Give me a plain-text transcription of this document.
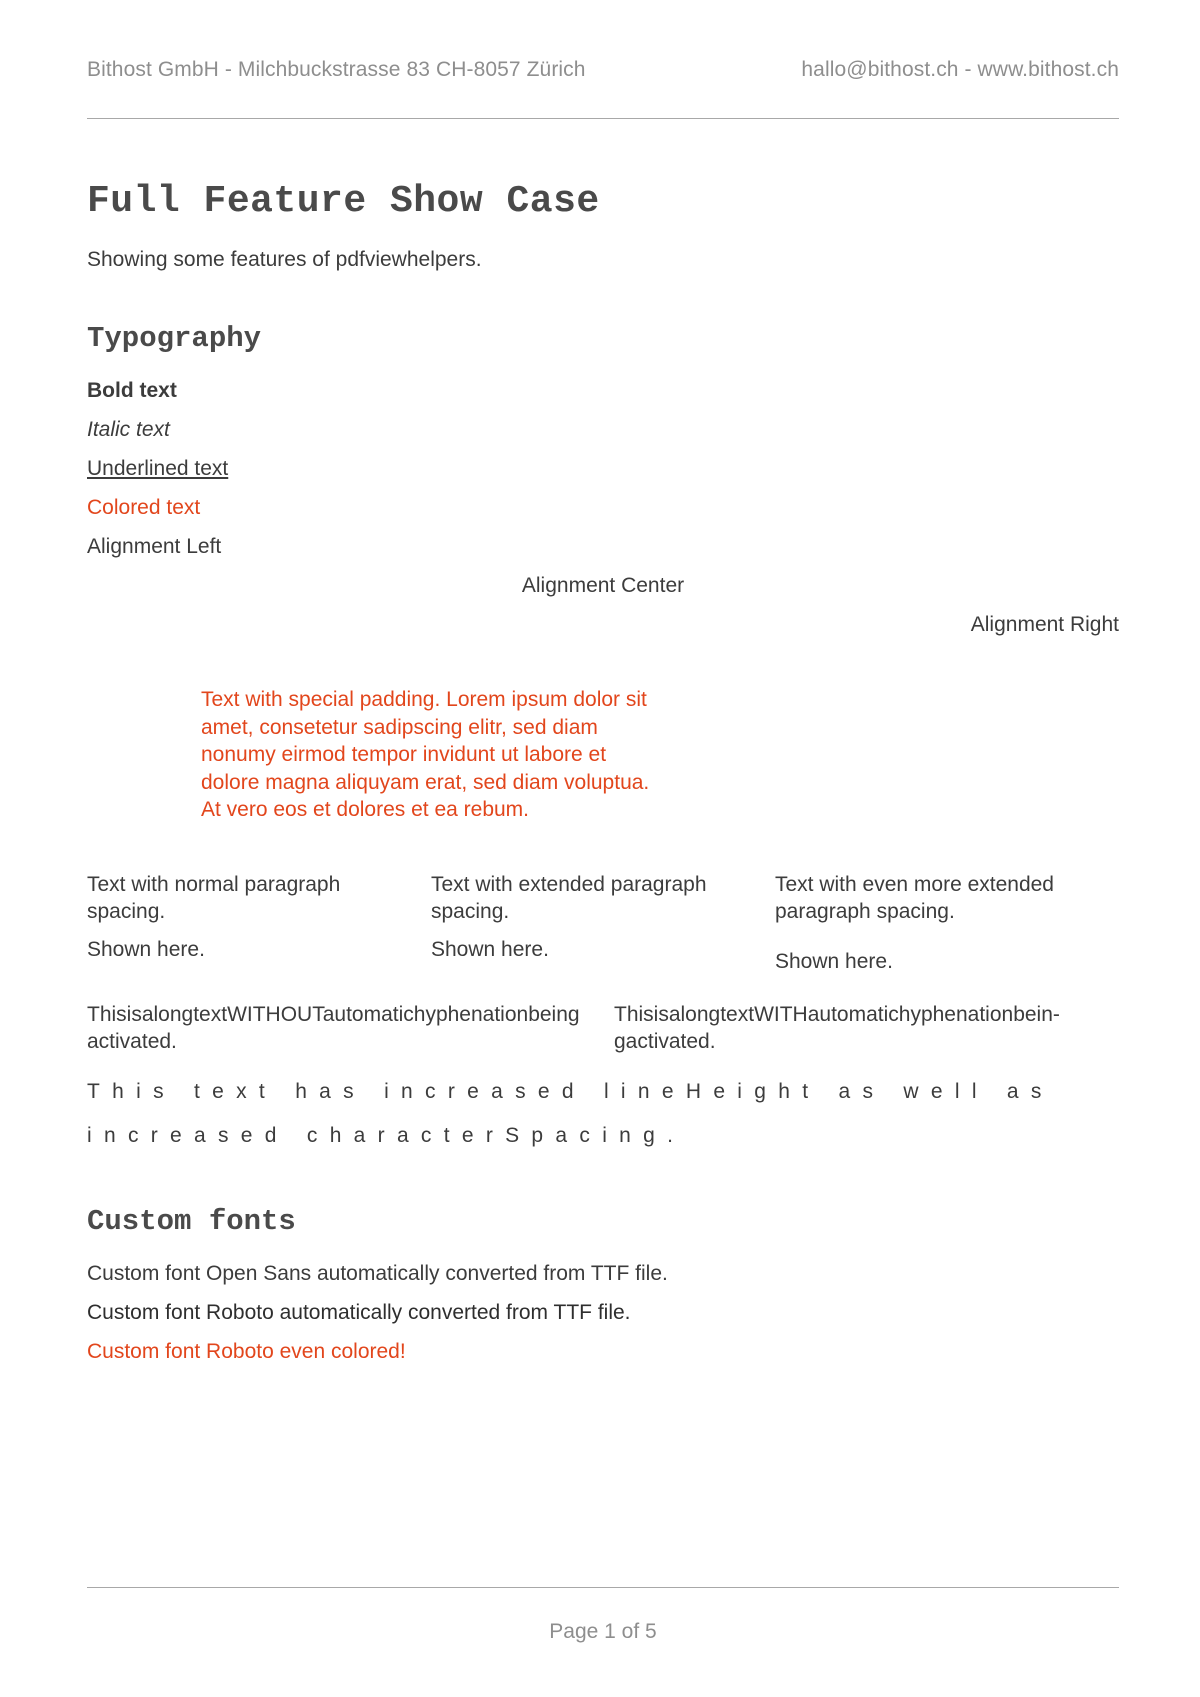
Bithost GmbH - Milchbuckstrasse 83 CH-8057 Zürich	hallo@bithost.ch - www.bithost.ch
Full Feature Show Case

Showing some features of pdfviewhelpers.

Typography

Bold text

Italic text

Underlined text

Colored text

Alignment Left

Alignment Center

Alignment Right

Text with special padding. Lorem ipsum dolor sit amet, consetetur sadipscing elitr, sed diam nonumy eirmod tempor invidunt ut labore et dolore magna aliquyam erat, sed diam voluptua. At vero eos et dolores et ea rebum.

Text with normal paragraph spacing.

Shown here.

Text with extended paragraph spacing.

Shown here.

Text with even more extended paragraph spacing.

Shown here.

ThisisalongtextWITHOUTautomatichyphenationbeingactivated.
ThisisalongtextWITHautomatichyphenationbein-gactivated.
This text has increased lineHeight as well as increased characterSpacing.
Custom fonts

Custom font Open Sans automatically converted from TTF file.

Custom font Roboto automatically converted from TTF file.

Custom font Roboto even colored!

Page 1 of 5
